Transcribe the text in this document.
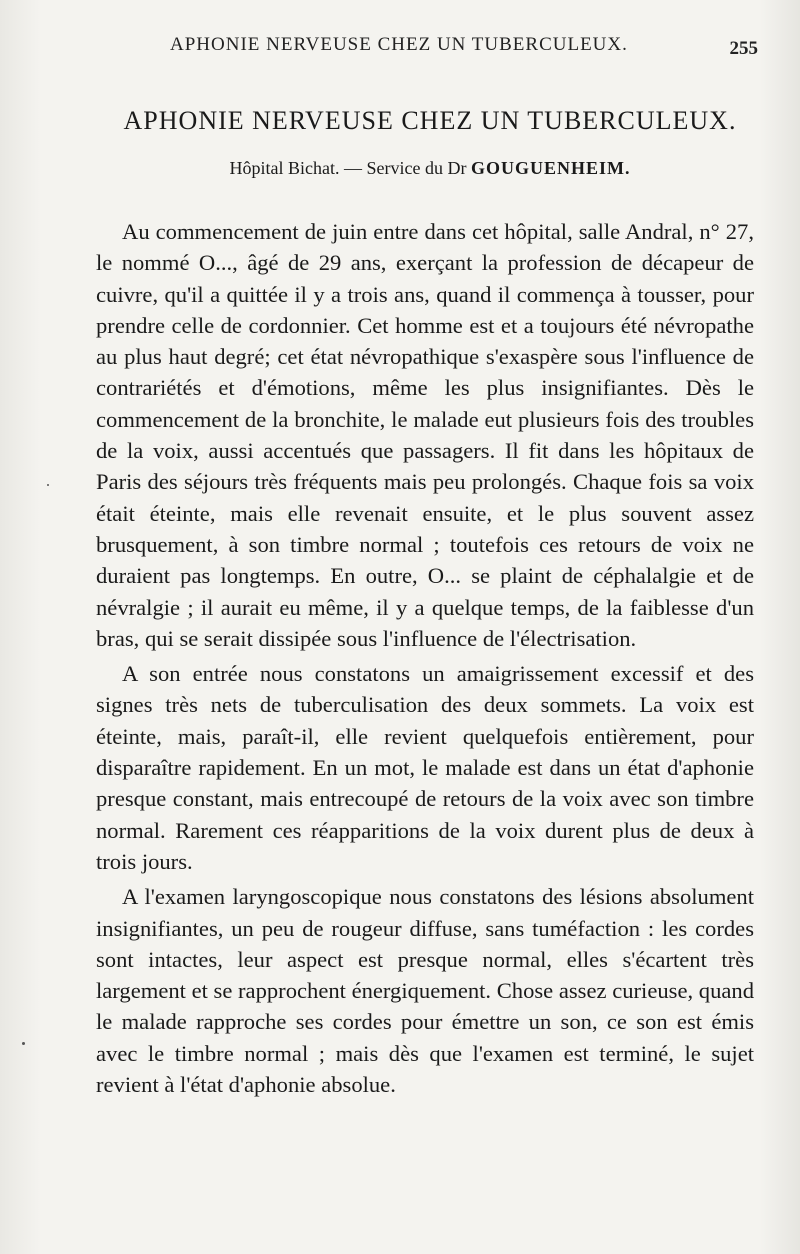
APHONIE NERVEUSE CHEZ UN TUBERCULEUX.	255
APHONIE NERVEUSE CHEZ UN TUBERCULEUX.
Hôpital Bichat. — Service du Dr GOUGUENHEIM.

Au commencement de juin entre dans cet hôpital, salle Andral, n° 27, le nommé O..., âgé de 29 ans, exerçant la profession de décapeur de cuivre, qu'il a quittée il y a trois ans, quand il commença à tousser, pour prendre celle de cordonnier. Cet homme est et a toujours été névropathe au plus haut degré; cet état névropathique s'exaspère sous l'influence de contrariétés et d'émotions, même les plus insignifiantes. Dès le commencement de la bronchite, le malade eut plusieurs fois des troubles de la voix, aussi accentués que passagers. Il fit dans les hôpitaux de Paris des séjours très fréquents mais peu prolongés. Chaque fois sa voix était éteinte, mais elle revenait ensuite, et le plus souvent assez brusquement, à son timbre normal ; toutefois ces retours de voix ne duraient pas longtemps. En outre, O... se plaint de céphalalgie et de névralgie ; il aurait eu même, il y a quelque temps, de la faiblesse d'un bras, qui se serait dissipée sous l'influence de l'électrisation.

A son entrée nous constatons un amaigrissement excessif et des signes très nets de tuberculisation des deux sommets. La voix est éteinte, mais, paraît-il, elle revient quelquefois entièrement, pour disparaître rapidement. En un mot, le malade est dans un état d'aphonie presque constant, mais entrecoupé de retours de la voix avec son timbre normal. Rarement ces réapparitions de la voix durent plus de deux à trois jours.

A l'examen laryngoscopique nous constatons des lésions absolument insignifiantes, un peu de rougeur diffuse, sans tuméfaction : les cordes sont intactes, leur aspect est presque normal, elles s'écartent très largement et se rapprochent énergiquement. Chose assez curieuse, quand le malade rapproche ses cordes pour émettre un son, ce son est émis avec le timbre normal ; mais dès que l'examen est terminé, le sujet revient à l'état d'aphonie absolue.
